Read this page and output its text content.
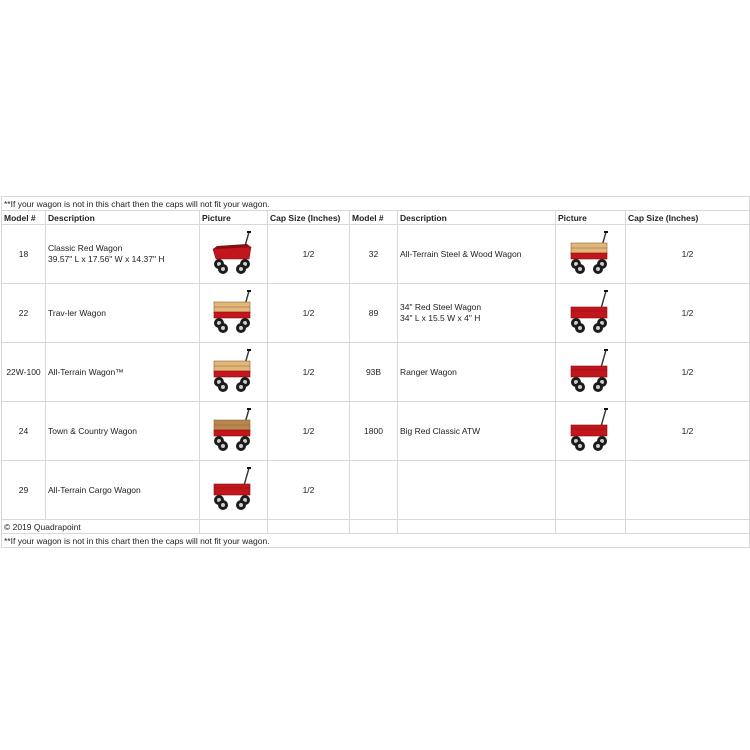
**If your wagon is not in this chart then the caps will not fit your wagon.							
Model #	Description	Picture	Cap Size (Inches)	Model #	Description	Picture	Cap Size (Inches)
18	Classic Red Wagon
39.57" L x 17.56" W x 14.37" H		1/2	32	All-Terrain Steel & Wood Wagon		1/2
22	Trav-ler Wagon		1/2	89	34" Red Steel Wagon
34" L x 15.5 W x 4" H		1/2
22W-100	All-Terrain Wagon™		1/2	93B	Ranger Wagon		1/2
24	Town & Country Wagon		1/2	1800	Big Red Classic ATW		1/2
29	All-Terrain Cargo Wagon		1/2				
© 2019 Quadrapoint							
**If your wagon is not in this chart then the caps will not fit your wagon.							
